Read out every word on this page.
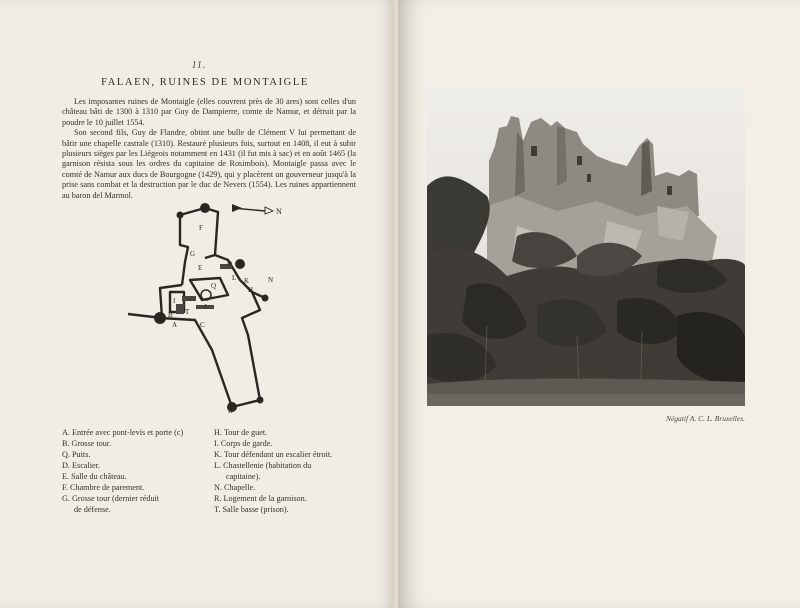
11.
FALAEN, RUINES DE MONTAIGLE

Les imposantes ruines de Montaigle (elles couvrent près de 30 ares) sont celles d'un château bâti de 1300 à 1310 par Guy de Dampierre, comte de Namur, et détruit par la poudre le 10 juillet 1554.

Son second fils, Guy de Flandre, obtint une bulle de Clément V lui permettant de bâtir une chapelle castrale (1310). Restauré plusieurs fois, surtout en 1408, il eut à subir plusieurs sièges par les Liégeois notamment en 1431 (il fut mis à sac) et en août 1465 (la garnison résista sous les ordres du capitaine de Rosimbois). Montaigle passa avec le comté de Namur aux ducs de Bourgogne (1429), qui y placèrent un gouverneur jusqu'à la prise sans combat et la destruction par le duc de Nevers (1554). Les ruines appartiennent au baron del Marmol.

N
F
E
G
D
L K
Q
J
I
B T
C
A
R
H
N
A. Entrée avec pont-levis et porte (c)
B. Grosse tour.
Q. Puits.
D. Escalier.
E. Salle du château.
F. Chambre de parement.
G. Grosse tour (dernier réduit
de défense.
H. Tour de guet.
I. Corps de garde.
K. Tour défendant un escalier étroit.
L. Chastellenie (habitation du
capitaine).
N. Chapelle.
R. Logement de la garnison.
T. Salle basse (prison).
Négatif A. C. L. Bruxelles.
